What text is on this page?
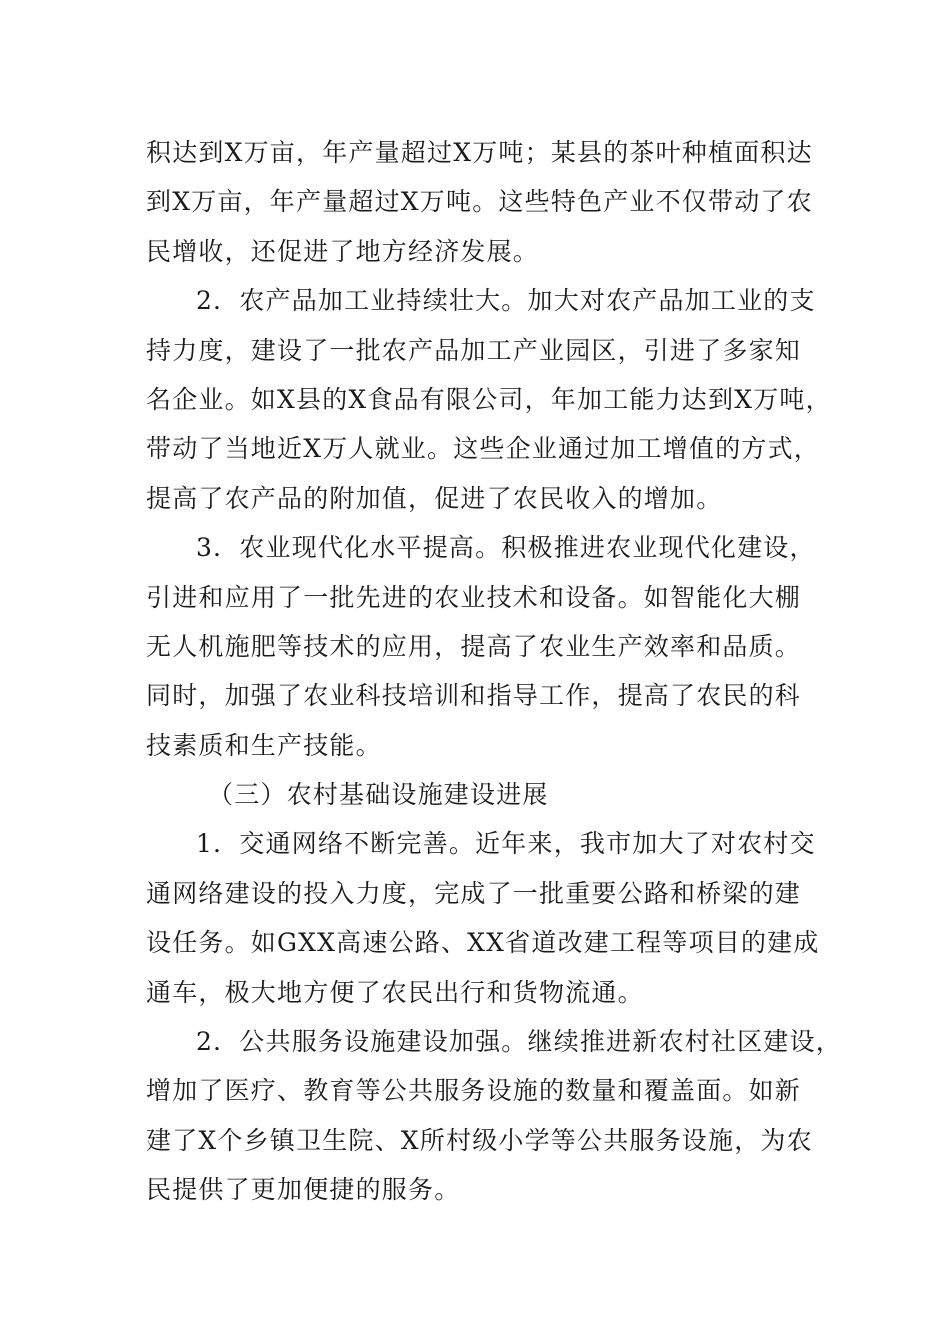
积达到X万亩，年产量超过X万吨；某县的茶叶种植面积达
到X万亩，年产量超过X万吨。这些特色产业不仅带动了农
民增收，还促进了地方经济发展。
2．农产品加工业持续壮大。加大对农产品加工业的支
持力度，建设了一批农产品加工产业园区，引进了多家知
名企业。如X县的X食品有限公司，年加工能力达到X万吨，
带动了当地近X万人就业。这些企业通过加工增值的方式，
提高了农产品的附加值，促进了农民收入的增加。
3．农业现代化水平提高。积极推进农业现代化建设，
引进和应用了一批先进的农业技术和设备。如智能化大棚
无人机施肥等技术的应用，提高了农业生产效率和品质。
同时，加强了农业科技培训和指导工作，提高了农民的科
技素质和生产技能。
（三）农村基础设施建设进展
1．交通网络不断完善。近年来，我市加大了对农村交
通网络建设的投入力度，完成了一批重要公路和桥梁的建
设任务。如GXX高速公路、XX省道改建工程等项目的建成
通车，极大地方便了农民出行和货物流通。
2．公共服务设施建设加强。继续推进新农村社区建设，
增加了医疗、教育等公共服务设施的数量和覆盖面。如新
建了X个乡镇卫生院、X所村级小学等公共服务设施，为农
民提供了更加便捷的服务。
